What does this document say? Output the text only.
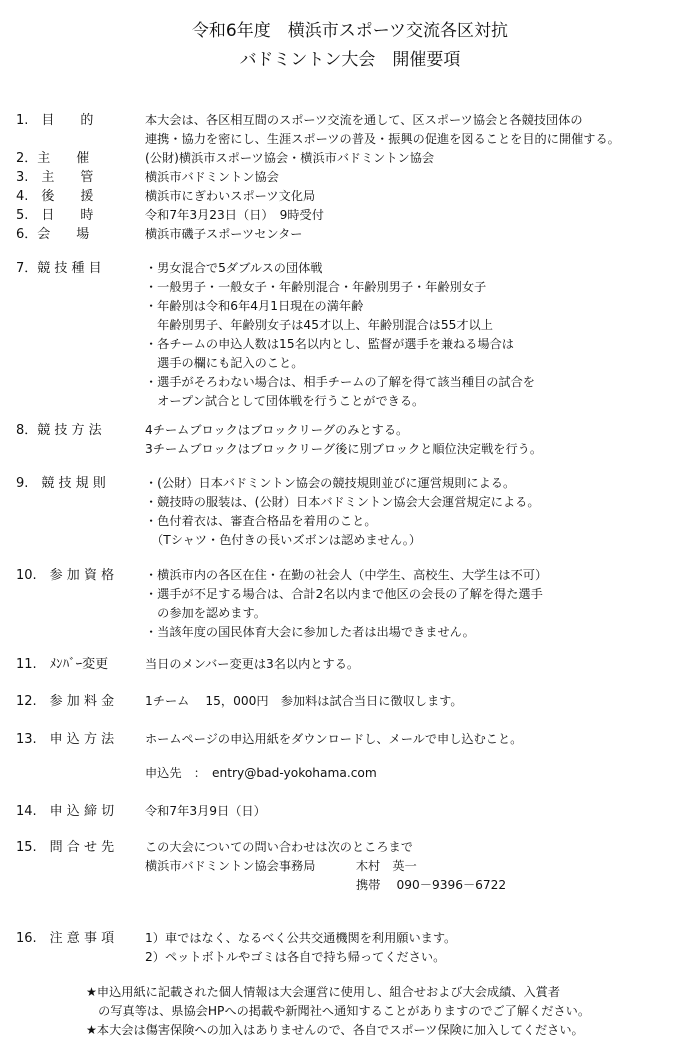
令和6年度　横浜市スポーツ交流各区対抗
バドミントン大会　開催要項
1.　目　　的	本大会は、各区相互間のスポーツ交流を通して、区スポーツ協会と各競技団体の
連携・協力を密にし、生涯スポーツの普及・振興の促進を図ることを目的に開催する。
2．主　　催	(公財)横浜市スポーツ協会・横浜市バドミントン協会
3.　主　　管	横浜市バドミントン協会
4.　後　　援	横浜市にぎわいスポーツ文化局
5.　日　　時	令和7年3月23日（日）　9時受付
6．会　　場	横浜市磯子スポーツセンター
7．競 技 種 目	・男女混合で5ダブルスの団体戦
・一般男子・一般女子・年齢別混合・年齢別男子・年齢別女子
・年齢別は令和6年4月1日現在の満年齢
　年齢別男子、年齢別女子は45才以上、年齢別混合は55才以上
・各チームの申込人数は15名以内とし、監督が選手を兼ねる場合は
　選手の欄にも記入のこと。
・選手がそろわない場合は、相手チームの了解を得て該当種目の試合を
　オープン試合として団体戦を行うことができる。
8．競 技 方 法	4チームブロックはブロックリーグのみとする。
3チームブロックはブロックリーグ後に別ブロックと順位決定戦を行う。
9.　競 技 規 則	・(公財）日本バドミントン協会の競技規則並びに運営規則による。
・競技時の服装は、(公財）日本バドミントン協会大会運営規定による。
・色付着衣は、審査合格品を着用のこと。
　（Tシャツ・色付きの長いズボンは認めません。）
10.　参 加 資 格	・横浜市内の各区在住・在勤の社会人（中学生、高校生、大学生は不可）
・選手が不足する場合は、合計2名以内まで他区の会長の了解を得た選手
　の参加を認めます。
・当該年度の国民体育大会に参加した者は出場できません。
11.　ﾒﾝﾊﾞｰ変更	当日のメンバー変更は3名以内とする。
12.　参 加 料 金	1チーム　 15，000円　参加料は試合当日に徴収します。
13.　申 込 方 法	ホームページの申込用紙をダウンロードし、メールで申し込むこと。
申込先　：　entry@bad-yokohama.com
14.　申 込 締 切	令和7年3月9日（日）
15.　問 合 せ 先	この大会についての問い合わせは次のところまで
横浜市バドミントン協会事務局　　　 木村　英一
　　　　　　　　　　　　　　　　　 携帯　 090－9396－6722
16.　注 意 事 項	1）車ではなく、なるべく公共交通機関を利用願います。
2）ペットボトルやゴミは各自で持ち帰ってください。
★申込用紙に記載された個人情報は大会運営に使用し、組合せおよび大会成績、入賞者
　の写真等は、県協会HPへの掲載や新聞社へ通知することがありますのでご了解ください。
★本大会は傷害保険への加入はありませんので、各自でスポーツ保険に加入してください。
